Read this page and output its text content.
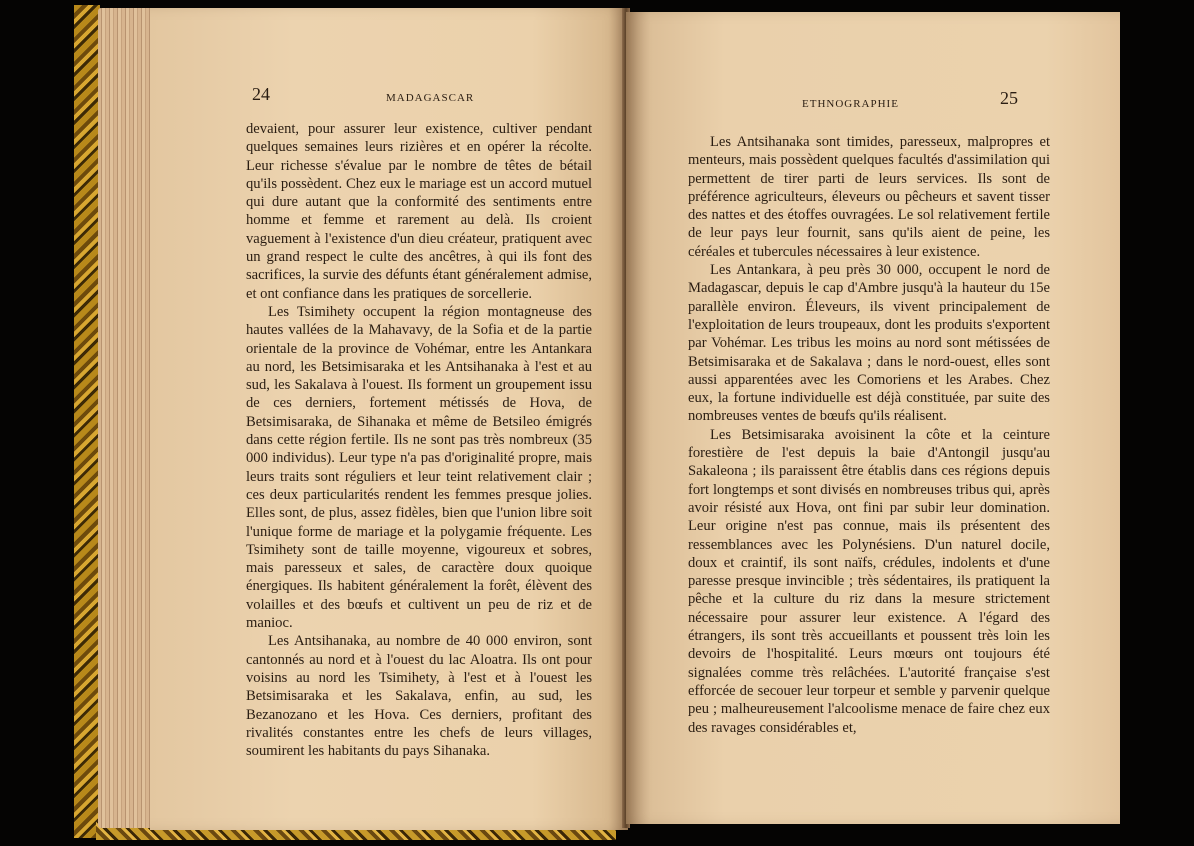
24	MADAGASCAR

devaient, pour assurer leur existence, cultiver pendant quelques semaines leurs rizières et en opérer la récolte. Leur richesse s'évalue par le nombre de têtes de bétail qu'ils possèdent. Chez eux le mariage est un accord mutuel qui dure autant que la conformité des sentiments entre homme et femme et rarement au delà. Ils croient vaguement à l'existence d'un dieu créateur, pratiquent avec un grand respect le culte des ancêtres, à qui ils font des sacrifices, la survie des défunts étant généralement admise, et ont confiance dans les pratiques de sorcellerie.

Les Tsimihety occupent la région montagneuse des hautes vallées de la Mahavavy, de la Sofia et de la partie orientale de la province de Vohémar, entre les Antankara au nord, les Betsimisaraka et les Antsihanaka à l'est et au sud, les Sakalava à l'ouest. Ils forment un groupement issu de ces derniers, fortement métissés de Hova, de Betsimisaraka, de Sihanaka et même de Betsileo émigrés dans cette région fertile. Ils ne sont pas très nombreux (35 000 individus). Leur type n'a pas d'originalité propre, mais leurs traits sont réguliers et leur teint relativement clair ; ces deux particularités rendent les femmes presque jolies. Elles sont, de plus, assez fidèles, bien que l'union libre soit l'unique forme de mariage et la polygamie fréquente. Les Tsimihety sont de taille moyenne, vigoureux et sobres, mais paresseux et sales, de caractère doux quoique énergiques. Ils habitent généralement la forêt, élèvent des volailles et des bœufs et cultivent un peu de riz et de manioc.

Les Antsihanaka, au nombre de 40 000 environ, sont cantonnés au nord et à l'ouest du lac Aloatra. Ils ont pour voisins au nord les Tsimihety, à l'est et à l'ouest les Betsimisaraka et les Sakalava, enfin, au sud, les Bezanozano et les Hova. Ces derniers, profitant des rivalités constantes entre les chefs de leurs villages, soumirent les habitants du pays Sihanaka.

ETHNOGRAPHIE	25

Les Antsihanaka sont timides, paresseux, malpropres et menteurs, mais possèdent quelques facultés d'assimilation qui permettent de tirer parti de leurs services. Ils sont de préférence agriculteurs, éleveurs ou pêcheurs et savent tisser des nattes et des étoffes ouvragées. Le sol relativement fertile de leur pays leur fournit, sans qu'ils aient de peine, les céréales et tubercules nécessaires à leur existence.

Les Antankara, à peu près 30 000, occupent le nord de Madagascar, depuis le cap d'Ambre jusqu'à la hauteur du 15e parallèle environ. Éleveurs, ils vivent principalement de l'exploitation de leurs troupeaux, dont les produits s'exportent par Vohémar. Les tribus les moins au nord sont métissées de Betsimisaraka et de Sakalava ; dans le nord-ouest, elles sont aussi apparentées avec les Comoriens et les Arabes. Chez eux, la fortune individuelle est déjà constituée, par suite des nombreuses ventes de bœufs qu'ils réalisent.

Les Betsimisaraka avoisinent la côte et la ceinture forestière de l'est depuis la baie d'Antongil jusqu'au Sakaleona ; ils paraissent être établis dans ces régions depuis fort longtemps et sont divisés en nombreuses tribus qui, après avoir résisté aux Hova, ont fini par subir leur domination. Leur origine n'est pas connue, mais ils présentent des ressemblances avec les Polynésiens. D'un naturel docile, doux et craintif, ils sont naïfs, crédules, indolents et d'une paresse presque invincible ; très sédentaires, ils pratiquent la pêche et la culture du riz dans la mesure strictement nécessaire pour assurer leur existence. A l'égard des étrangers, ils sont très accueillants et poussent très loin les devoirs de l'hospitalité. Leurs mœurs ont toujours été signalées comme très relâchées. L'autorité française s'est efforcée de secouer leur torpeur et semble y parvenir quelque peu ; malheureusement l'alcoolisme menace de faire chez eux des ravages considérables et,
